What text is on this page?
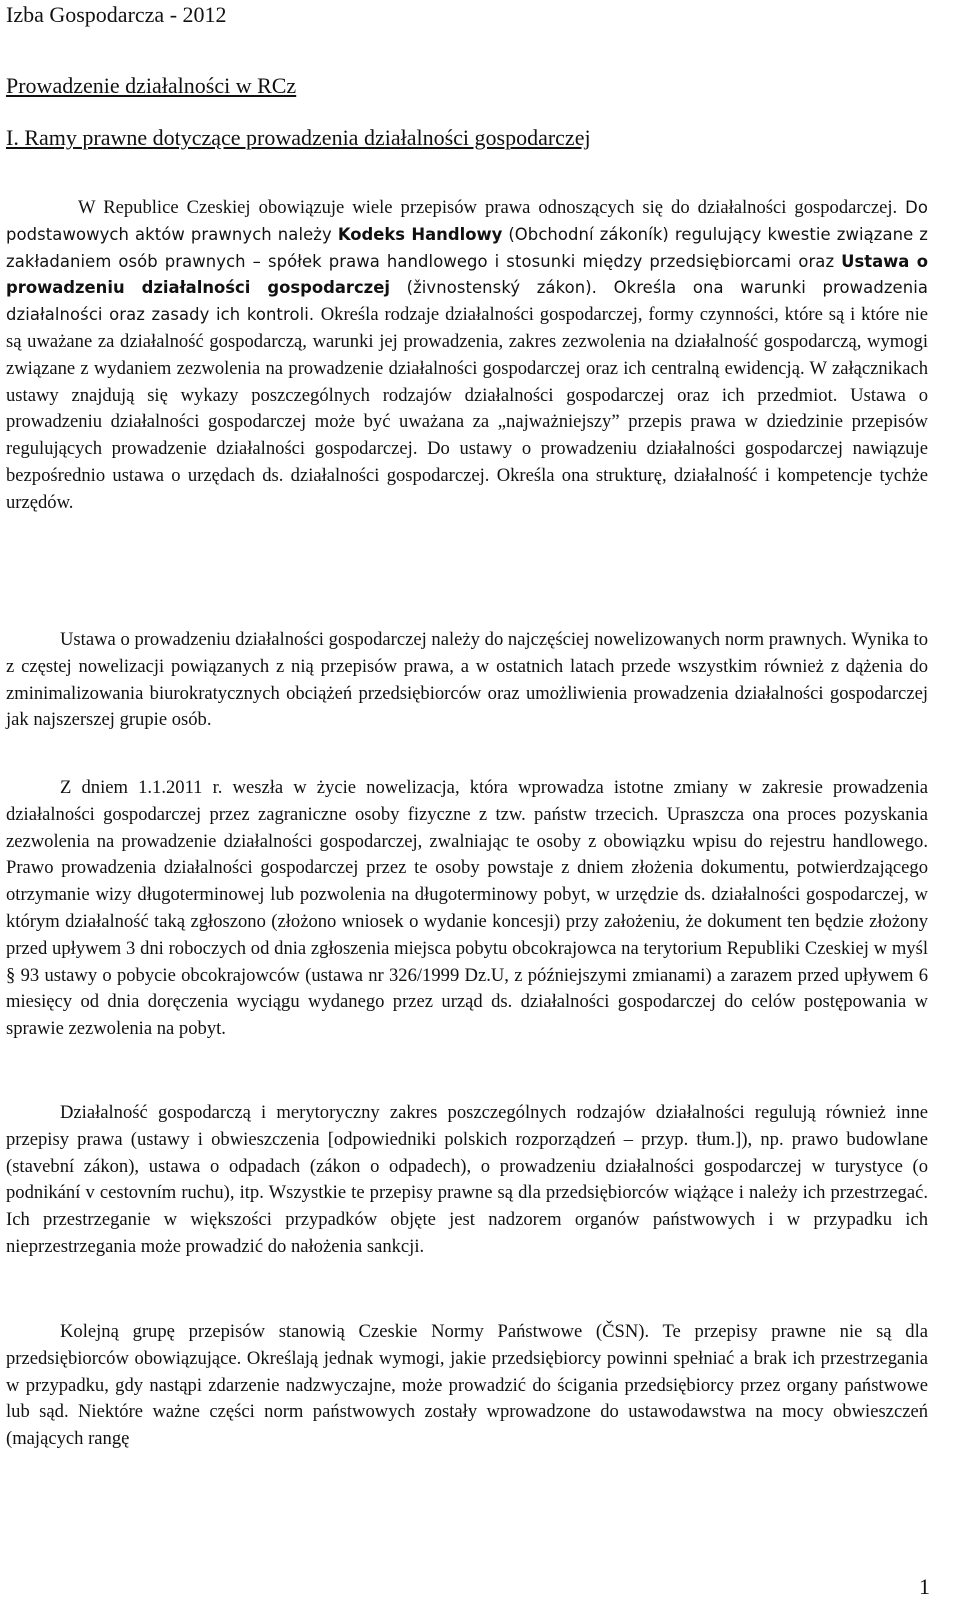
Izba Gospodarcza - 2012
Prowadzenie działalności w RCz
I. Ramy prawne dotyczące prowadzenia działalności gospodarczej

W Republice Czeskiej obowiązuje wiele przepisów prawa odnoszących się do działalności gospodarczej. Do podstawowych aktów prawnych należy Kodeks Handlowy (Obchodní zákoník) regulujący kwestie związane z zakładaniem osób prawnych – spółek prawa handlowego i stosunki między przedsiębiorcami oraz Ustawa o prowadzeniu działalności gospodarczej (živnostenský zákon). Określa ona warunki prowadzenia działalności oraz zasady ich kontroli. Określa rodzaje działalności gospodarczej, formy czynności, które są i które nie są uważane za działalność gospodarczą, warunki jej prowadzenia, zakres zezwolenia na działalność gospodarczą, wymogi związane z wydaniem zezwolenia na prowadzenie działalności gospodarczej oraz ich centralną ewidencją. W załącznikach ustawy znajdują się wykazy poszczególnych rodzajów działalności gospodarczej oraz ich przedmiot. Ustawa o prowadzeniu działalności gospodarczej może być uważana za „najważniejszy” przepis prawa w dziedzinie przepisów regulujących prowadzenie działalności gospodarczej. Do ustawy o prowadzeniu działalności gospodarczej nawiązuje bezpośrednio ustawa o urzędach ds. działalności gospodarczej. Określa ona strukturę, działalność i kompetencje tychże urzędów.

Ustawa o prowadzeniu działalności gospodarczej należy do najczęściej nowelizowanych norm prawnych. Wynika to z częstej nowelizacji powiązanych z nią przepisów prawa, a w ostatnich latach przede wszystkim również z dążenia do zminimalizowania biurokratycznych obciążeń przedsiębiorców oraz umożliwienia prowadzenia działalności gospodarczej jak najszerszej grupie osób.

Z dniem 1.1.2011 r. weszła w życie nowelizacja, która wprowadza istotne zmiany w zakresie prowadzenia działalności gospodarczej przez zagraniczne osoby fizyczne z tzw. państw trzecich. Upraszcza ona proces pozyskania zezwolenia na prowadzenie działalności gospodarczej, zwalniając te osoby z obowiązku wpisu do rejestru handlowego. Prawo prowadzenia działalności gospodarczej przez te osoby powstaje z dniem złożenia dokumentu, potwierdzającego otrzymanie wizy długoterminowej lub pozwolenia na długoterminowy pobyt, w urzędzie ds. działalności gospodarczej, w którym działalność taką zgłoszono (złożono wniosek o wydanie koncesji) przy założeniu, że dokument ten będzie złożony przed upływem 3 dni roboczych od dnia zgłoszenia miejsca pobytu obcokrajowca na terytorium Republiki Czeskiej w myśl § 93 ustawy o pobycie obcokrajowców (ustawa nr 326/1999 Dz.U, z późniejszymi zmianami) a zarazem przed upływem 6 miesięcy od dnia doręczenia wyciągu wydanego przez urząd ds. działalności gospodarczej do celów postępowania w sprawie zezwolenia na pobyt.

Działalność gospodarczą i merytoryczny zakres poszczególnych rodzajów działalności regulują również inne przepisy prawa (ustawy i obwieszczenia [odpowiedniki polskich rozporządzeń – przyp. tłum.]), np. prawo budowlane (stavební zákon), ustawa o odpadach (zákon o odpadech), o prowadzeniu działalności gospodarczej w turystyce (o podnikání v cestovním ruchu), itp. Wszystkie te przepisy prawne są dla przedsiębiorców wiążące i należy ich przestrzegać. Ich przestrzeganie w większości przypadków objęte jest nadzorem organów państwowych i w przypadku ich nieprzestrzegania może prowadzić do nałożenia sankcji.

Kolejną grupę przepisów stanowią Czeskie Normy Państwowe (ČSN). Te przepisy prawne nie są dla przedsiębiorców obowiązujące. Określają jednak wymogi, jakie przedsiębiorcy powinni spełniać a brak ich przestrzegania w przypadku, gdy nastąpi zdarzenie nadzwyczajne, może prowadzić do ścigania przedsiębiorcy przez organy państwowe lub sąd. Niektóre ważne części norm państwowych zostały wprowadzone do ustawodawstwa na mocy obwieszczeń (mających rangę

1
